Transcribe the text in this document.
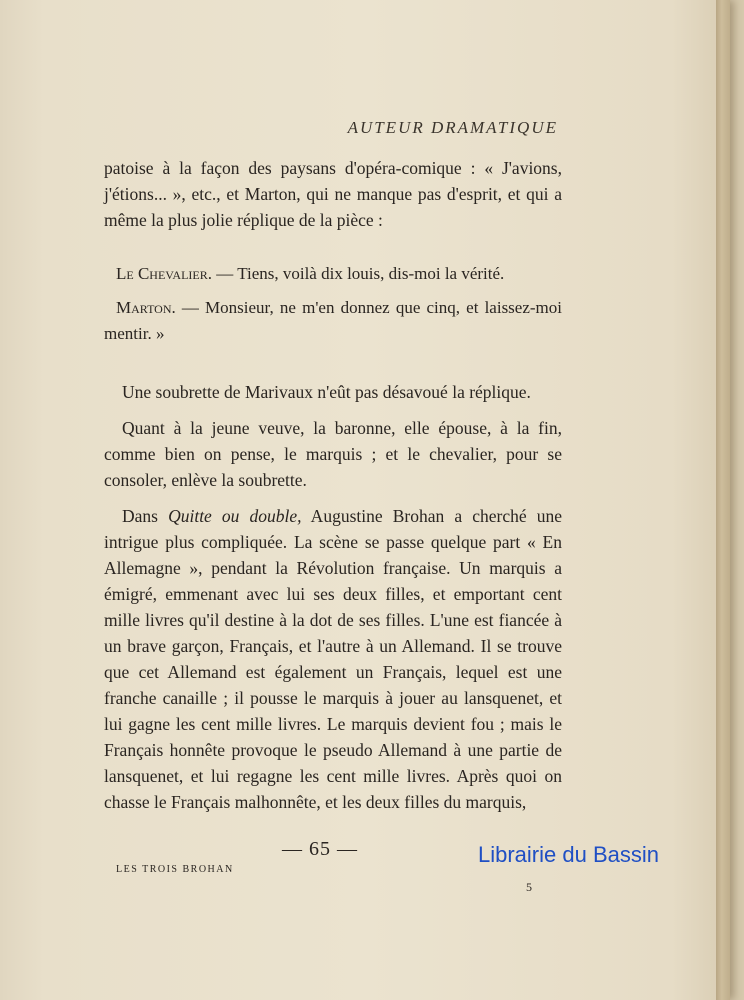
AUTEUR DRAMATIQUE

patoise à la façon des paysans d'opéra-comique : « J'avions, j'étions... », etc., et Marton, qui ne manque pas d'esprit, et qui a même la plus jolie réplique de la pièce :

Le Chevalier. — Tiens, voilà dix louis, dis-moi la vérité.

Marton. — Monsieur, ne m'en donnez que cinq, et laissez-moi mentir. »

Une soubrette de Marivaux n'eût pas désavoué la réplique.

Quant à la jeune veuve, la baronne, elle épouse, à la fin, comme bien on pense, le marquis ; et le chevalier, pour se consoler, enlève la soubrette.

Dans Quitte ou double, Augustine Brohan a cherché une intrigue plus compliquée. La scène se passe quelque part « En Allemagne », pendant la Révolution française. Un marquis a émigré, emmenant avec lui ses deux filles, et emportant cent mille livres qu'il destine à la dot de ses filles. L'une est fiancée à un brave garçon, Français, et l'autre à un Allemand. Il se trouve que cet Allemand est également un Français, lequel est une franche canaille ; il pousse le marquis à jouer au lansquenet, et lui gagne les cent mille livres. Le marquis devient fou ; mais le Français honnête provoque le pseudo Allemand à une partie de lansquenet, et lui regagne les cent mille livres. Après quoi on chasse le Français malhonnête, et les deux filles du marquis,

— 65 —
LES TROIS BROHAN
5
Librairie du Bassin
